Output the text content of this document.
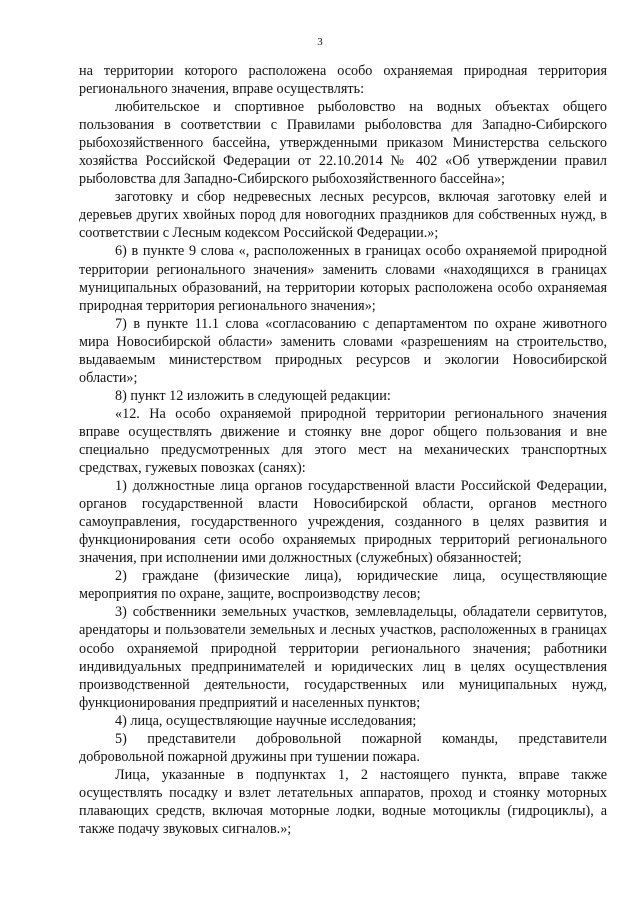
3

на территории которого расположена особо охраняемая природная территория регионального значения, вправе осуществлять:

любительское и спортивное рыболовство на водных объектах общего пользования в соответствии с Правилами рыболовства для Западно-Сибирского рыбохозяйственного бассейна, утвержденными приказом Министерства сельского хозяйства Российской Федерации от 22.10.2014 № 402 «Об утверждении правил рыболовства для Западно-Сибирского рыбохозяйственного бассейна»;

заготовку и сбор недревесных лесных ресурсов, включая заготовку елей и деревьев других хвойных пород для новогодних праздников для собственных нужд, в соответствии с Лесным кодексом Российской Федерации.»;

6) в пункте 9 слова «, расположенных в границах особо охраняемой природной территории регионального значения» заменить словами «находящихся в границах муниципальных образований, на территории которых расположена особо охраняемая природная территория регионального значения»;

7) в пункте 11.1 слова «согласованию с департаментом по охране животного мира Новосибирской области» заменить словами «разрешениям на строительство, выдаваемым министерством природных ресурсов и экологии Новосибирской области»;

8) пункт 12 изложить в следующей редакции:

«12. На особо охраняемой природной территории регионального значения вправе осуществлять движение и стоянку вне дорог общего пользования и вне специально предусмотренных для этого мест на механических транспортных средствах, гужевых повозках (санях):

1) должностные лица органов государственной власти Российской Федерации, органов государственной власти Новосибирской области, органов местного самоуправления, государственного учреждения, созданного в целях развития и функционирования сети особо охраняемых природных территорий регионального значения, при исполнении ими должностных (служебных) обязанностей;

2) граждане (физические лица), юридические лица, осуществляющие мероприятия по охране, защите, воспроизводству лесов;

3) собственники земельных участков, землевладельцы, обладатели сервитутов, арендаторы и пользователи земельных и лесных участков, расположенных в границах особо охраняемой природной территории регионального значения; работники индивидуальных предпринимателей и юридических лиц в целях осуществления производственной деятельности, государственных или муниципальных нужд, функционирования предприятий и населенных пунктов;

4) лица, осуществляющие научные исследования;

5) представители добровольной пожарной команды, представители добровольной пожарной дружины при тушении пожара.

Лица, указанные в подпунктах 1, 2 настоящего пункта, вправе также осуществлять посадку и взлет летательных аппаратов, проход и стоянку моторных плавающих средств, включая моторные лодки, водные мотоциклы (гидроциклы), а также подачу звуковых сигналов.»;
